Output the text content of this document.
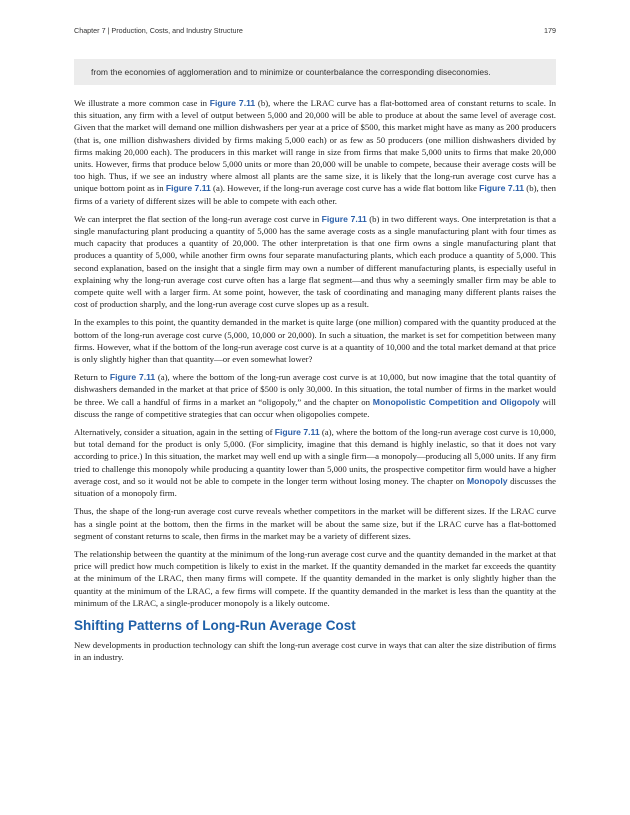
Chapter 7 | Production, Costs, and Industry Structure	179

from the economies of agglomeration and to minimize or counterbalance the corresponding diseconomies.

We illustrate a more common case in Figure 7.11 (b), where the LRAC curve has a flat-bottomed area of constant returns to scale. In this situation, any firm with a level of output between 5,000 and 20,000 will be able to produce at about the same level of average cost. Given that the market will demand one million dishwashers per year at a price of $500, this market might have as many as 200 producers (that is, one million dishwashers divided by firms making 5,000 each) or as few as 50 producers (one million dishwashers divided by firms making 20,000 each). The producers in this market will range in size from firms that make 5,000 units to firms that make 20,000 units. However, firms that produce below 5,000 units or more than 20,000 will be unable to compete, because their average costs will be too high. Thus, if we see an industry where almost all plants are the same size, it is likely that the long-run average cost curve has a unique bottom point as in Figure 7.11 (a). However, if the long-run average cost curve has a wide flat bottom like Figure 7.11 (b), then firms of a variety of different sizes will be able to compete with each other.

We can interpret the flat section of the long-run average cost curve in Figure 7.11 (b) in two different ways. One interpretation is that a single manufacturing plant producing a quantity of 5,000 has the same average costs as a single manufacturing plant with four times as much capacity that produces a quantity of 20,000. The other interpretation is that one firm owns a single manufacturing plant that produces a quantity of 5,000, while another firm owns four separate manufacturing plants, which each produce a quantity of 5,000. This second explanation, based on the insight that a single firm may own a number of different manufacturing plants, is especially useful in explaining why the long-run average cost curve often has a large flat segment—and thus why a seemingly smaller firm may be able to compete quite well with a larger firm. At some point, however, the task of coordinating and managing many different plants raises the cost of production sharply, and the long-run average cost curve slopes up as a result.

In the examples to this point, the quantity demanded in the market is quite large (one million) compared with the quantity produced at the bottom of the long-run average cost curve (5,000, 10,000 or 20,000). In such a situation, the market is set for competition between many firms. However, what if the bottom of the long-run average cost curve is at a quantity of 10,000 and the total market demand at that price is only slightly higher than that quantity—or even somewhat lower?

Return to Figure 7.11 (a), where the bottom of the long-run average cost curve is at 10,000, but now imagine that the total quantity of dishwashers demanded in the market at that price of $500 is only 30,000. In this situation, the total number of firms in the market would be three. We call a handful of firms in a market an “oligopoly,” and the chapter on Monopolistic Competition and Oligopoly will discuss the range of competitive strategies that can occur when oligopolies compete.

Alternatively, consider a situation, again in the setting of Figure 7.11 (a), where the bottom of the long-run average cost curve is 10,000, but total demand for the product is only 5,000. (For simplicity, imagine that this demand is highly inelastic, so that it does not vary according to price.) In this situation, the market may well end up with a single firm—a monopoly—producing all 5,000 units. If any firm tried to challenge this monopoly while producing a quantity lower than 5,000 units, the prospective competitor firm would have a higher average cost, and so it would not be able to compete in the longer term without losing money. The chapter on Monopoly discusses the situation of a monopoly firm.

Thus, the shape of the long-run average cost curve reveals whether competitors in the market will be different sizes. If the LRAC curve has a single point at the bottom, then the firms in the market will be about the same size, but if the LRAC curve has a flat-bottomed segment of constant returns to scale, then firms in the market may be a variety of different sizes.

The relationship between the quantity at the minimum of the long-run average cost curve and the quantity demanded in the market at that price will predict how much competition is likely to exist in the market. If the quantity demanded in the market far exceeds the quantity at the minimum of the LRAC, then many firms will compete. If the quantity demanded in the market is only slightly higher than the quantity at the minimum of the LRAC, a few firms will compete. If the quantity demanded in the market is less than the quantity at the minimum of the LRAC, a single-producer monopoly is a likely outcome.

Shifting Patterns of Long-Run Average Cost

New developments in production technology can shift the long-run average cost curve in ways that can alter the size distribution of firms in an industry.
